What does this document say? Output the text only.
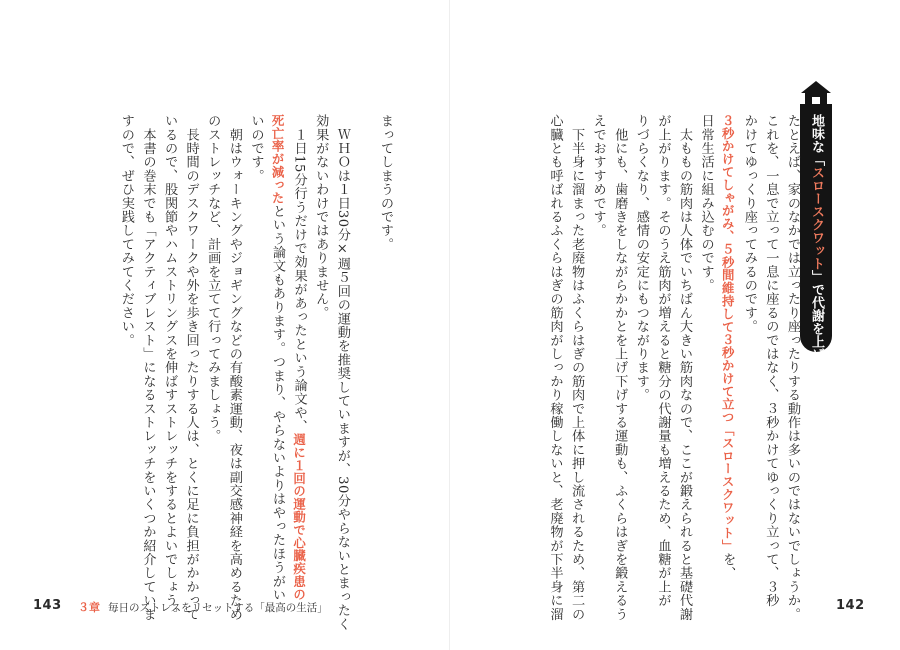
地味な「スロースクワット」で代謝を上げる

たとえば、家のなかでは立ったり座ったりする動作は多いのではないでしょうか。

これを、一息で立って一息に座るのではなく、３秒かけてゆっくり立って、３秒

かけてゆっくり座ってみるのです。

３秒かけてしゃがみ、５秒間維持して３秒かけて立つ「スロースクワット」を、

日常生活に組み込むのです。

　太ももの筋肉は人体でいちばん大きい筋肉なので、ここが鍛えられると基礎代謝

が上がります。そのうえ筋肉が増えると糖分の代謝量も増えるため、血糖が上が

りづらくなり、感情の安定にもつながります。

　他にも、歯磨きをしながらかかとを上げ下げする運動も、ふくらはぎを鍛えるう

えでおすすめです。

　下半身に溜まった老廃物はふくらはぎの筋肉で上体に押し流されるため、第二の

心臓とも呼ばれるふくらはぎの筋肉がしっかり稼働しないと、老廃物が下半身に溜

まってしまうのです。

　ＷＨＯは１日30分×週５回の運動を推奨していますが、30分やらないとまったく

効果がないわけではありません。

　１日15分行うだけで効果があったという論文や、週に１回の運動で心臓疾患の

死亡率が減ったという論文もあります。つまり、やらないよりはやったほうがい

いのです。

　朝はウォーキングやジョギングなどの有酸素運動、夜は副交感神経を高めるため

のストレッチなど、計画を立てて行ってみましょう。

　長時間のデスクワークや外を歩き回ったりする人は、とくに足に負担がかかって

いるので、股関節やハムストリングスを伸ばすストレッチをするとよいでしょう。

　本書の巻末でも「アクティブレスト」になるストレッチをいくつか紹介していま

すので、ぜひ実践してみてください。

143 ３章 毎日のストレスをリセットする「最高の生活」	142
